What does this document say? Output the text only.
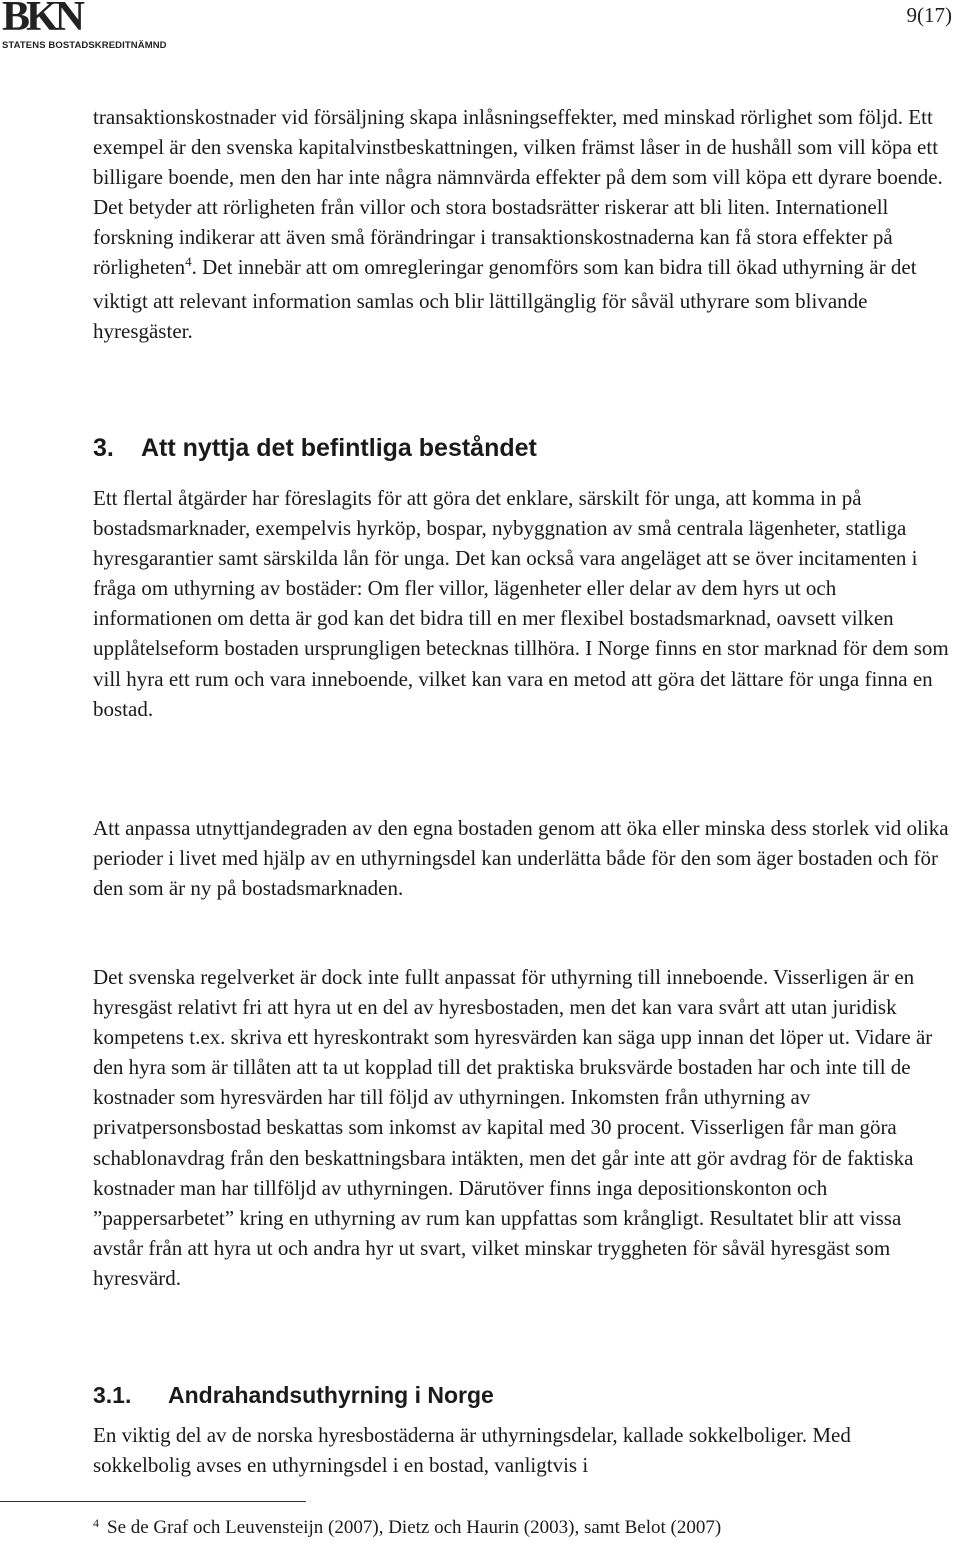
BKN
STATENS BOSTADSKREDITNÄMND
9(17)

transaktionskostnader vid försäljning skapa inlåsningseffekter, med minskad rörlighet som följd. Ett exempel är den svenska kapitalvinstbeskattningen, vilken främst låser in de hushåll som vill köpa ett billigare boende, men den har inte några nämnvärda effekter på dem som vill köpa ett dyrare boende. Det betyder att rörligheten från villor och stora bostadsrätter riskerar att bli liten. Internationell forskning indikerar att även små förändringar i transaktionskostnaderna kan få stora effekter på rörligheten$^4$. Det innebär att om omregleringar genomförs som kan bidra till ökad uthyrning är det viktigt att relevant information samlas och blir lättillgänglig för såväl uthyrare som blivande hyresgäster.

3. Att nyttja det befintliga beståndet

Ett flertal åtgärder har föreslagits för att göra det enklare, särskilt för unga, att komma in på bostadsmarknader, exempelvis hyrköp, bospar, nybyggnation av små centrala lägenheter, statliga hyresgarantier samt särskilda lån för unga. Det kan också vara angeläget att se över incitamenten i fråga om uthyrning av bostäder: Om fler villor, lägenheter eller delar av dem hyrs ut och informationen om detta är god kan det bidra till en mer flexibel bostadsmarknad, oavsett vilken upplåtelseform bostaden ursprungligen betecknas tillhöra. I Norge finns en stor marknad för dem som vill hyra ett rum och vara inneboende, vilket kan vara en metod att göra det lättare för unga finna en bostad.

Att anpassa utnyttjandegraden av den egna bostaden genom att öka eller minska dess storlek vid olika perioder i livet med hjälp av en uthyrningsdel kan underlätta både för den som äger bostaden och för den som är ny på bostadsmarknaden.

Det svenska regelverket är dock inte fullt anpassat för uthyrning till inneboende. Visserligen är en hyresgäst relativt fri att hyra ut en del av hyresbostaden, men det kan vara svårt att utan juridisk kompetens t.ex. skriva ett hyreskontrakt som hyresvärden kan säga upp innan det löper ut. Vidare är den hyra som är tillåten att ta ut kopplad till det praktiska bruksvärde bostaden har och inte till de kostnader som hyresvärden har till följd av uthyrningen. Inkomsten från uthyrning av privatpersonsbostad beskattas som inkomst av kapital med 30 procent. Visserligen får man göra schablonavdrag från den beskattningsbara intäkten, men det går inte att gör avdrag för de faktiska kostnader man har tillföljd av uthyrningen. Därutöver finns inga depositionskonton och ”pappersarbetet” kring en uthyrning av rum kan uppfattas som krångligt. Resultatet blir att vissa avstår från att hyra ut och andra hyr ut svart, vilket minskar tryggheten för såväl hyresgäst som hyresvärd.

3.1. Andrahandsuthyrning i Norge

En viktig del av de norska hyresbostäderna är uthyrningsdelar, kallade sokkelboliger. Med sokkelbolig avses en uthyrningsdel i en bostad, vanligtvis i

$^4$ Se de Graf och Leuvensteijn (2007), Dietz och Haurin (2003), samt Belot (2007)
